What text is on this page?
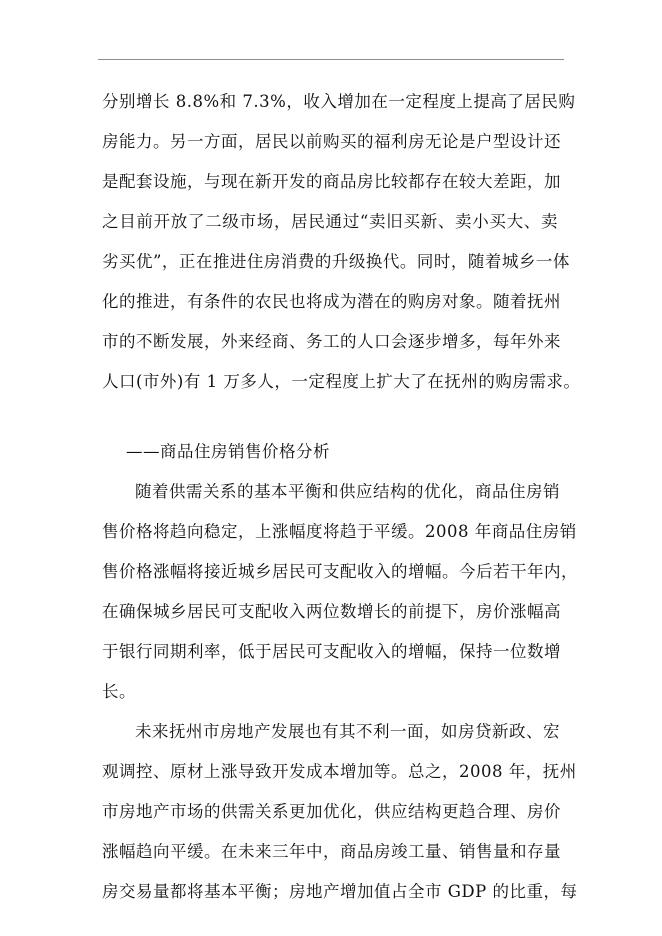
分别增长 8.8%和 7.3%，收入增加在一定程度上提高了居民购
房能力。另一方面，居民以前购买的福利房无论是户型设计还
是配套设施，与现在新开发的商品房比较都存在较大差距，加
之目前开放了二级市场，居民通过“卖旧买新、卖小买大、卖
劣买优”，正在推进住房消费的升级换代。同时，随着城乡一体
化的推进，有条件的农民也将成为潜在的购房对象。随着抚州
市的不断发展，外来经商、务工的人口会逐步增多，每年外来
人口(市外)有 1 万多人，一定程度上扩大了在抚州的购房需求。
——商品住房销售价格分析
随着供需关系的基本平衡和供应结构的优化，商品住房销
售价格将趋向稳定，上涨幅度将趋于平缓。2008 年商品住房销
售价格涨幅将接近城乡居民可支配收入的增幅。今后若干年内，
在确保城乡居民可支配收入两位数增长的前提下，房价涨幅高
于银行同期利率，低于居民可支配收入的增幅，保持一位数增
长。
未来抚州市房地产发展也有其不利一面，如房贷新政、宏
观调控、原材上涨导致开发成本增加等。总之，2008 年，抚州
市房地产市场的供需关系更加优化，供应结构更趋合理、房价
涨幅趋向平缓。在未来三年中，商品房竣工量、销售量和存量
房交易量都将基本平衡；房地产增加值占全市 GDP 的比重，每
